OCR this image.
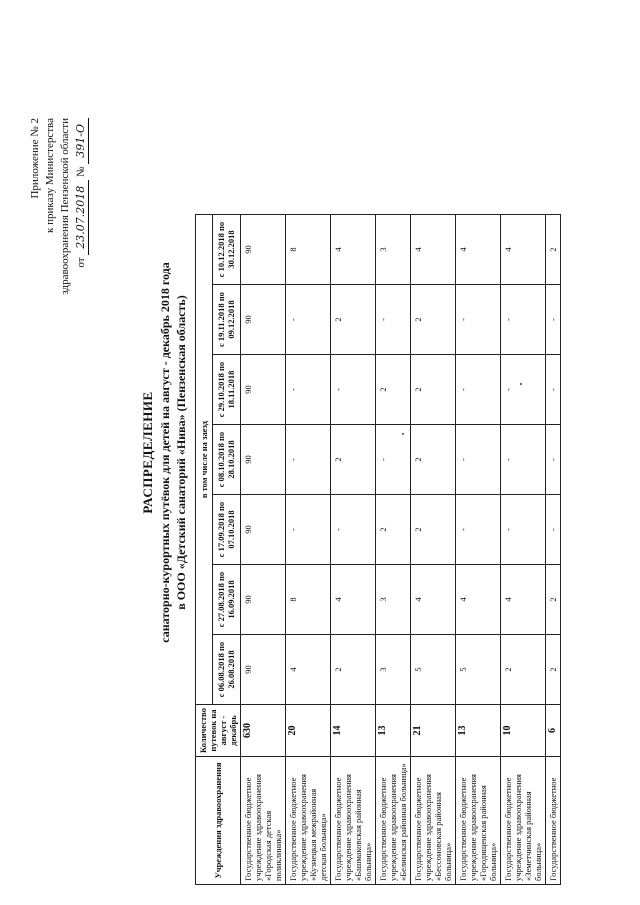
Приложение № 2 к приказу Министерства здравоохранения Пензенской области от 23.07.2018 № 391-О
РАСПРЕДЕЛЕНИЕ санаторно-курортных путёвок для детей на август - декабрь 2018 года в ООО «Детский санаторий «Нива» (Пензенская область)
Учреждения здравоохранения	Количество путевок на август - декабрь	в том числе на заезд						
		с 06.08.2018 по 26.08.2018	с 27.08.2018 по 16.09.2018	с 17.09.2018 по 07.10.2018	с 08.10.2018 по 28.10.2018	с 29.10.2018 по 18.11.2018	с 19.11.2018 по 09.12.2018	с 10.12.2018 по 30.12.2018
Государственное бюджетное учреждение здравоохранения «Городская детская поликлиника»	630	90	90	90	90	90	90	90
Государственное бюджетное учреждение здравоохранения «Кузнецкая межрайонная детская больница»	20	4	8	-	-	-	-	8
Государственное бюджетное учреждение здравоохранения «Башмаковская районная больница»	14	2	4	-	2	-	2	4
Государственное бюджетное учреждение здравоохранения «Белинская районная больница»	13	3	3	2	-	2	-	3
Государственное бюджетное учреждение здравоохранения «Бессоновская районная больница»	21	5	4	2	2	2	2	4
Государственное бюджетное учреждение здравоохранения «Городищенская районная больница»	13	5	4	-	-	-	-	4
Государственное бюджетное учреждение здравоохранения «Земетчинская районная больница»	10	2	4	-	-	-	-	4
Государственное бюджетное	6	2	2	-	-	-	-	2
